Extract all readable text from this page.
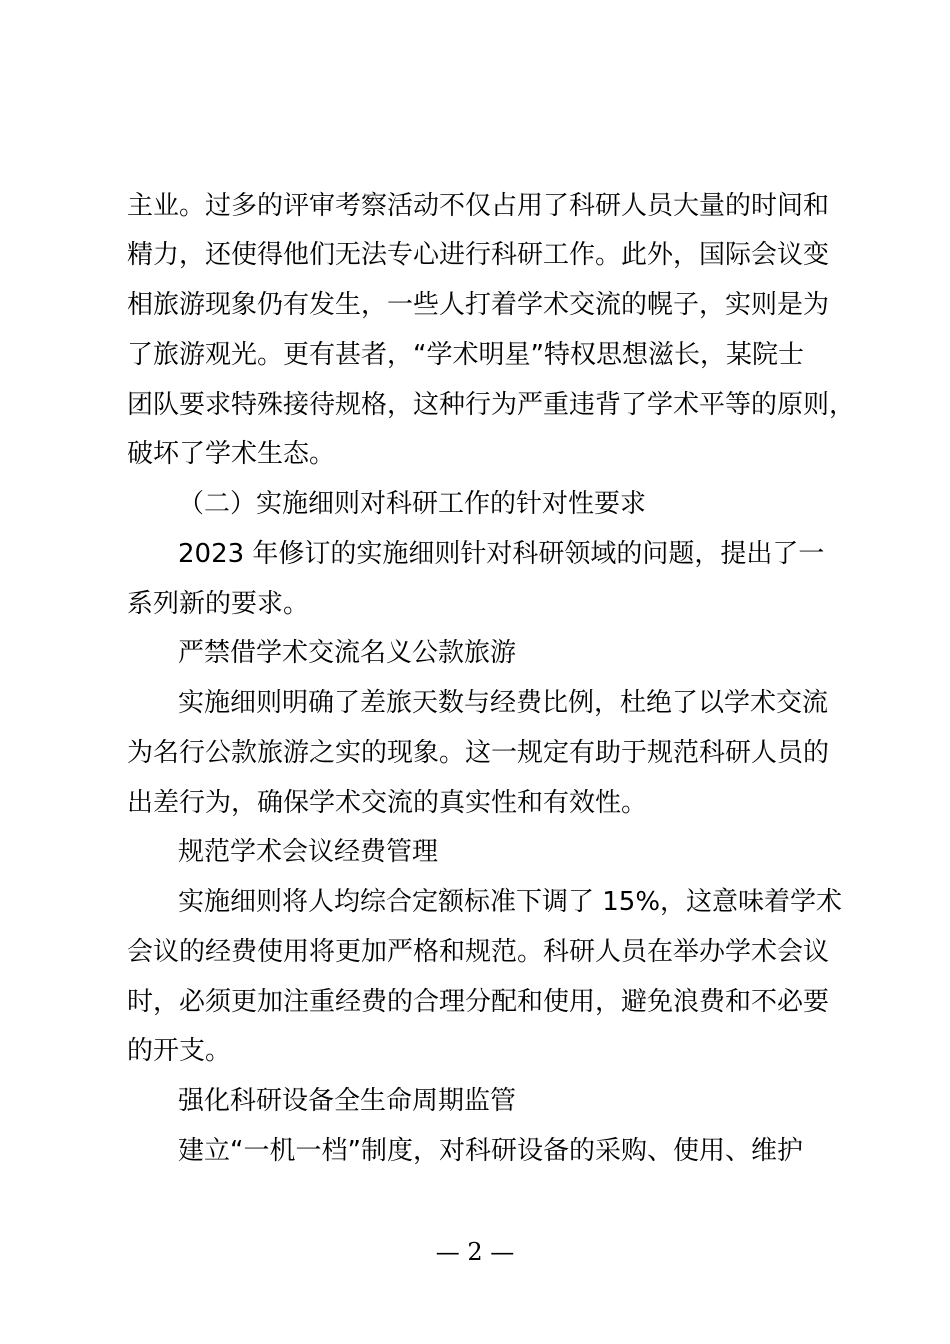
主业。过多的评审考察活动不仅占用了科研人员大量的时间和
精力，还使得他们无法专心进行科研工作。此外，国际会议变
相旅游现象仍有发生，一些人打着学术交流的幌子，实则是为
了旅游观光。更有甚者，“学术明星”特权思想滋长，某院士
团队要求特殊接待规格，这种行为严重违背了学术平等的原则，
破坏了学术生态。
（二）实施细则对科研工作的针对性要求
2023 年修订的实施细则针对科研领域的问题，提出了一
系列新的要求。
严禁借学术交流名义公款旅游
实施细则明确了差旅天数与经费比例，杜绝了以学术交流
为名行公款旅游之实的现象。这一规定有助于规范科研人员的
出差行为，确保学术交流的真实性和有效性。
规范学术会议经费管理
实施细则将人均综合定额标准下调了 15%，这意味着学术
会议的经费使用将更加严格和规范。科研人员在举办学术会议
时，必须更加注重经费的合理分配和使用，避免浪费和不必要
的开支。
强化科研设备全生命周期监管
建立“一机一档”制度，对科研设备的采购、使用、维护
— 2 —
